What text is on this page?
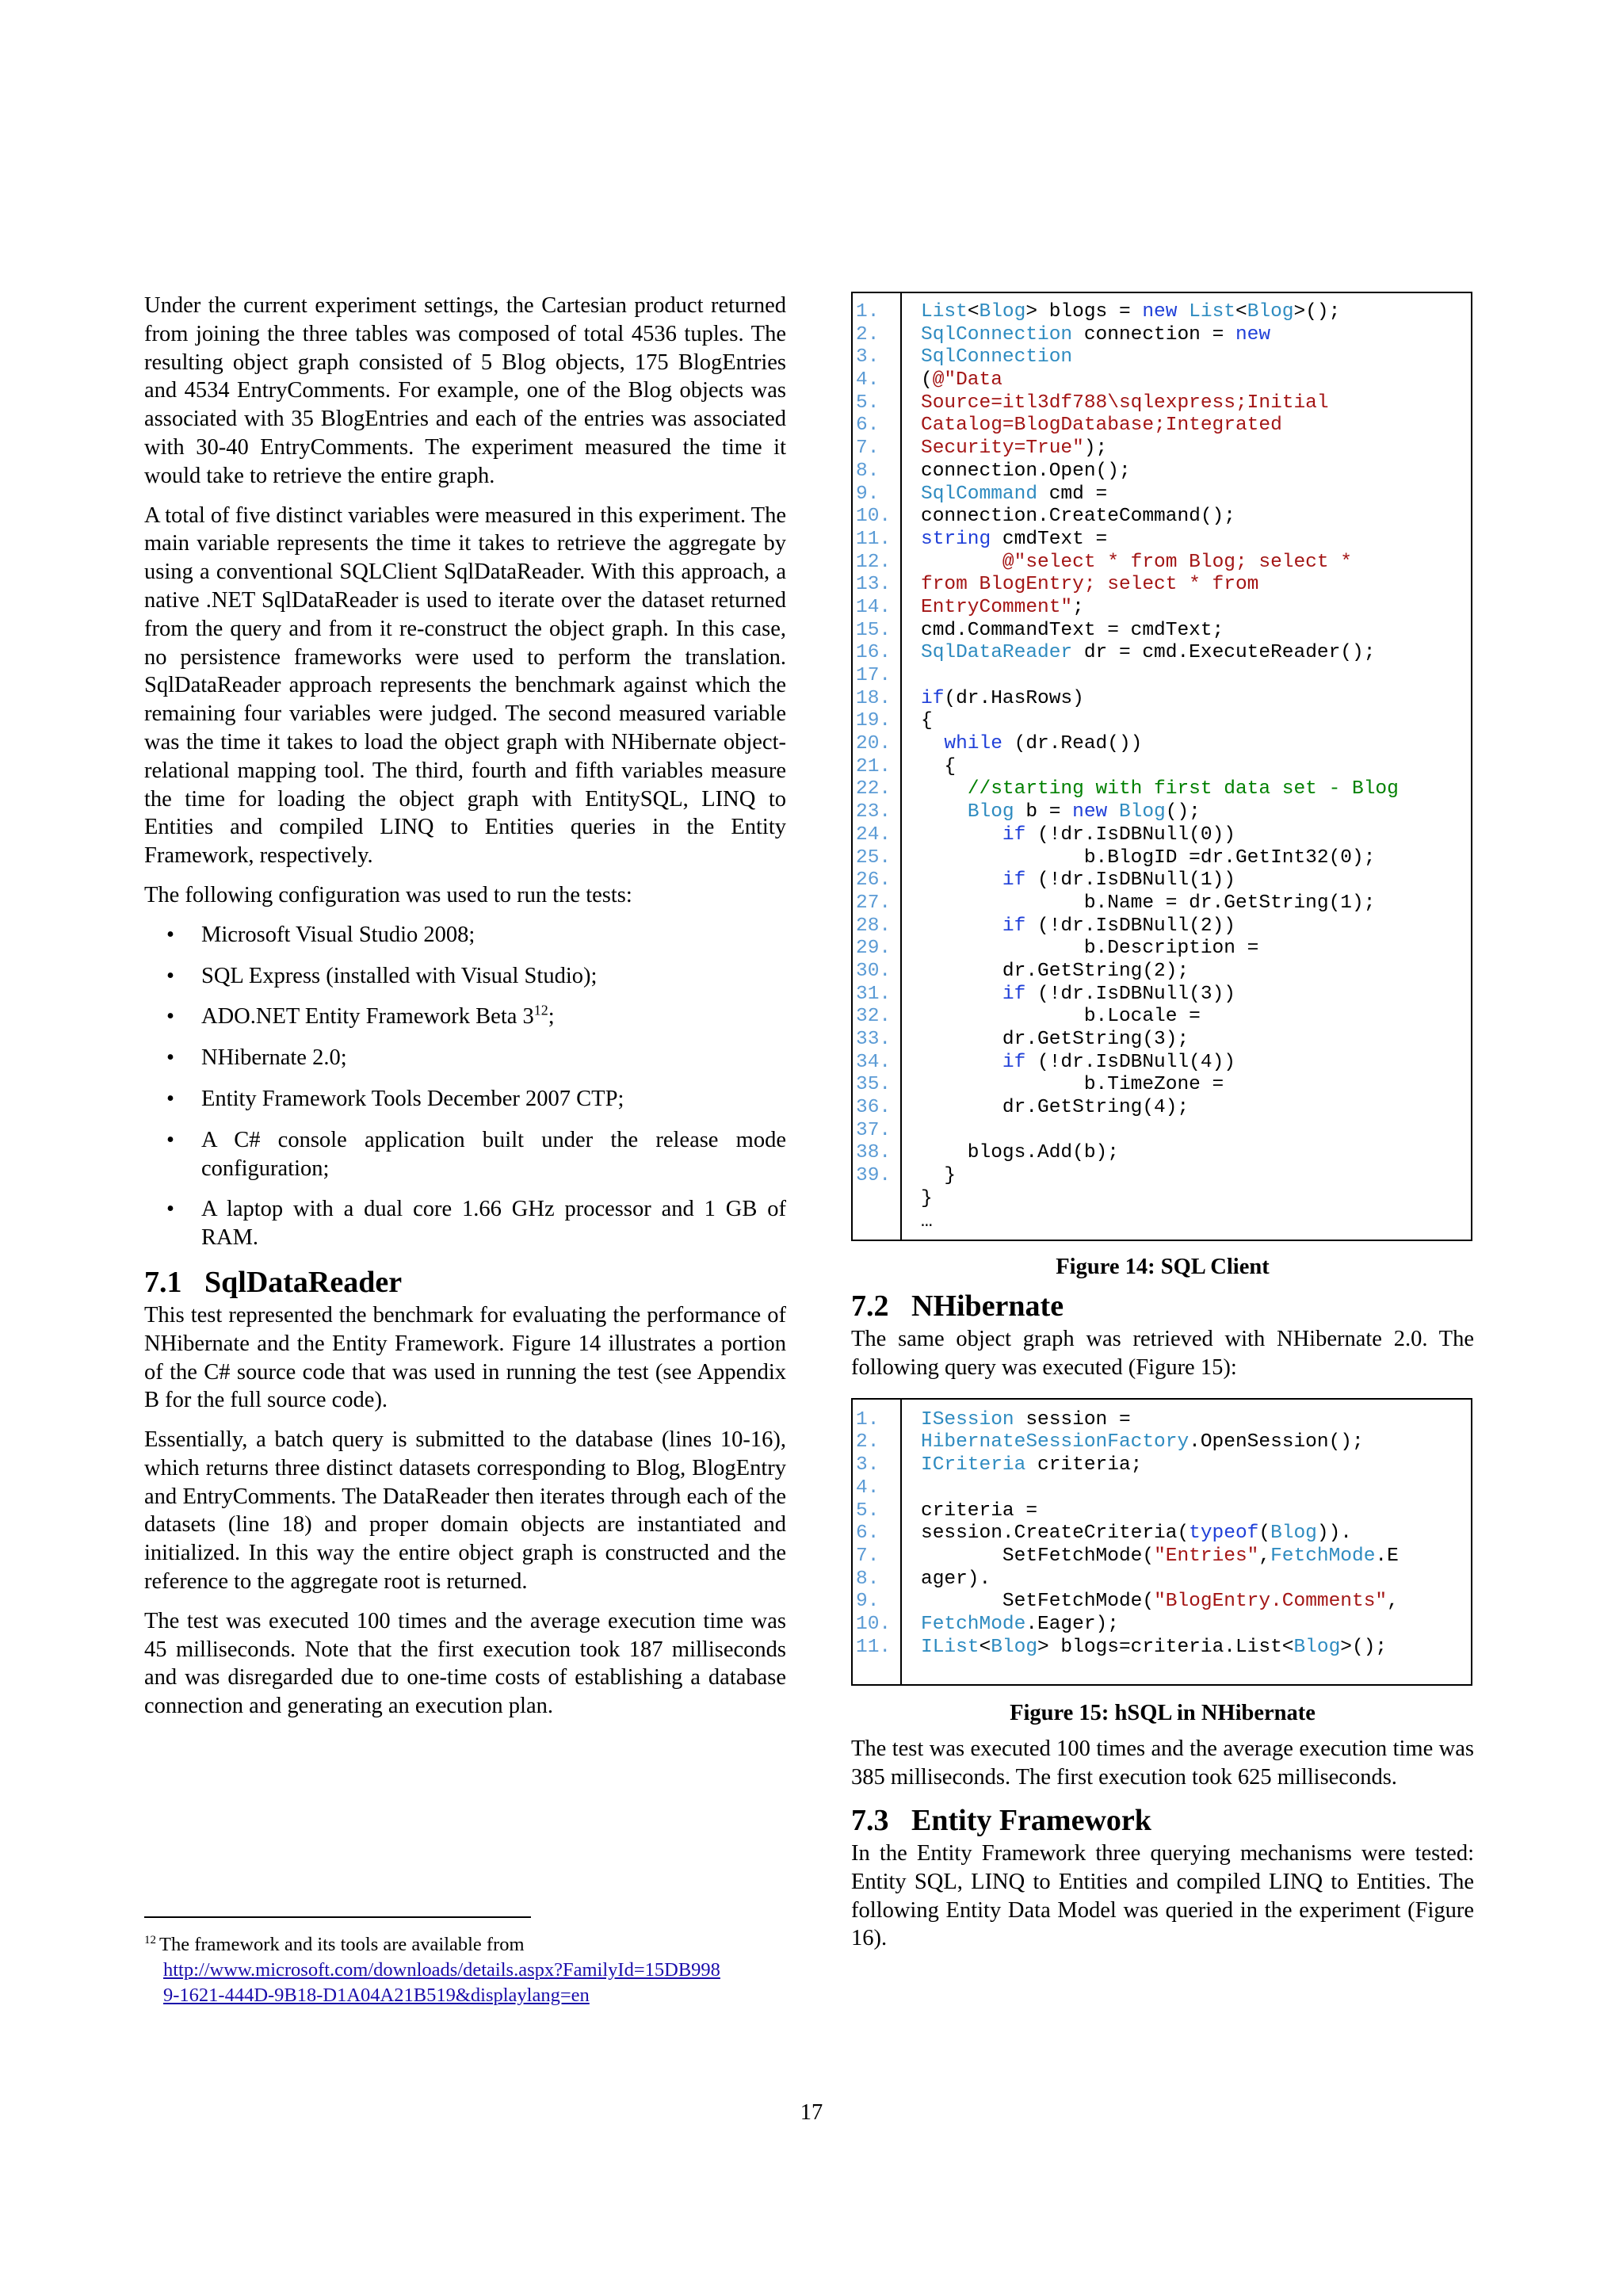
Under the current experiment settings, the Cartesian product returned from joining the three tables was composed of total 4536 tuples. The resulting object graph consisted of 5 Blog objects, 175 BlogEntries and 4534 EntryComments. For example, one of the Blog objects was associated with 35 BlogEntries and each of the entries was associated with 30-40 EntryComments. The experiment measured the time it would take to retrieve the entire graph.

A total of five distinct variables were measured in this experiment. The main variable represents the time it takes to retrieve the aggregate by using a conventional SQLClient SqlDataReader. With this approach, a native .NET SqlDataReader is used to iterate over the dataset returned from the query and from it re-construct the object graph. In this case, no persistence frameworks were used to perform the translation. SqlDataReader approach represents the benchmark against which the remaining four variables were judged. The second measured variable was the time it takes to load the object graph with NHibernate object-relational mapping tool. The third, fourth and fifth variables measure the time for loading the object graph with EntitySQL, LINQ to Entities and compiled LINQ to Entities queries in the Entity Framework, respectively.

The following configuration was used to run the tests:

• Microsoft Visual Studio 2008;
• SQL Express (installed with Visual Studio);
• ADO.NET Entity Framework Beta $3^{12}$;
• NHibernate 2.0;
• Entity Framework Tools December 2007 CTP;
• A C# console application built under the release mode configuration;
• A laptop with a dual core 1.66 GHz processor and 1 GB of RAM.
7.1 SqlDataReader

This test represented the benchmark for evaluating the performance of NHibernate and the Entity Framework. Figure 14 illustrates a portion of the C# source code that was used in running the test (see Appendix B for the full source code).

Essentially, a batch query is submitted to the database (lines 10-16), which returns three distinct datasets corresponding to Blog, BlogEntry and EntryComments. The DataReader then iterates through each of the datasets (line 18) and proper domain objects are instantiated and initialized. In this way the entire object graph is constructed and the reference to the aggregate root is returned.

The test was executed 100 times and the average execution time was 45 milliseconds. Note that the first execution took 187 milliseconds and was disregarded due to one-time costs of establishing a database connection and generating an execution plan.

1.	List<Blog> blogs = new List<Blog>();
2.	SqlConnection connection = new
3.	SqlConnection
4.	(@"Data
5.	Source=itl3df788\sqlexpress;Initial
6.	Catalog=BlogDatabase;Integrated
7.	Security=True");
8.	connection.Open();
9.	SqlCommand cmd =
10.	connection.CreateCommand();
11.	string cmdText =
12.	@"select * from Blog; select *
13.	from BlogEntry; select * from
14.	EntryComment";
15.	cmd.CommandText = cmdText;
16.	SqlDataReader dr = cmd.ExecuteReader();
17.
18.	if(dr.HasRows)
19.	{
20.	while (dr.Read())
21.	{
22.	//starting with first data set - Blog
23.	Blog b = new Blog();
24.	if (!dr.IsDBNull(0))
25.	b.BlogID =dr.GetInt32(0);
26.	if (!dr.IsDBNull(1))
27.	b.Name = dr.GetString(1);
28.	if (!dr.IsDBNull(2))
29.	b.Description =
30.	dr.GetString(2);
31.	if (!dr.IsDBNull(3))
32.	b.Locale =
33.	dr.GetString(3);
34.	if (!dr.IsDBNull(4))
35.	b.TimeZone =
36.	dr.GetString(4);
37.
38.	blogs.Add(b);
39.	}
}
…
Figure 14: SQL Client
7.2 NHibernate

The same object graph was retrieved with NHibernate 2.0. The following query was executed (Figure 15):

1.	ISession session =
2.	HibernateSessionFactory.OpenSession();
3.	ICriteria criteria;
4.
5.	criteria =
6.	session.CreateCriteria(typeof(Blog)).
7.	SetFetchMode("Entries",FetchMode.E
8.	ager).
9.	SetFetchMode("BlogEntry.Comments",
10.	FetchMode.Eager);
11.	IList<Blog> blogs=criteria.List<Blog>();
Figure 15: hSQL in NHibernate

The test was executed 100 times and the average execution time was 385 milliseconds. The first execution took 625 milliseconds.

7.3 Entity Framework

In the Entity Framework three querying mechanisms were tested: Entity SQL, LINQ to Entities and compiled LINQ to Entities. The following Entity Data Model was queried in the experiment (Figure 16).

$^{12}$ The framework and its tools are available from
http://www.microsoft.com/downloads/details.aspx?FamilyId=15DB998
9-1621-444D-9B18-D1A04A21B519&displaylang=en
17
